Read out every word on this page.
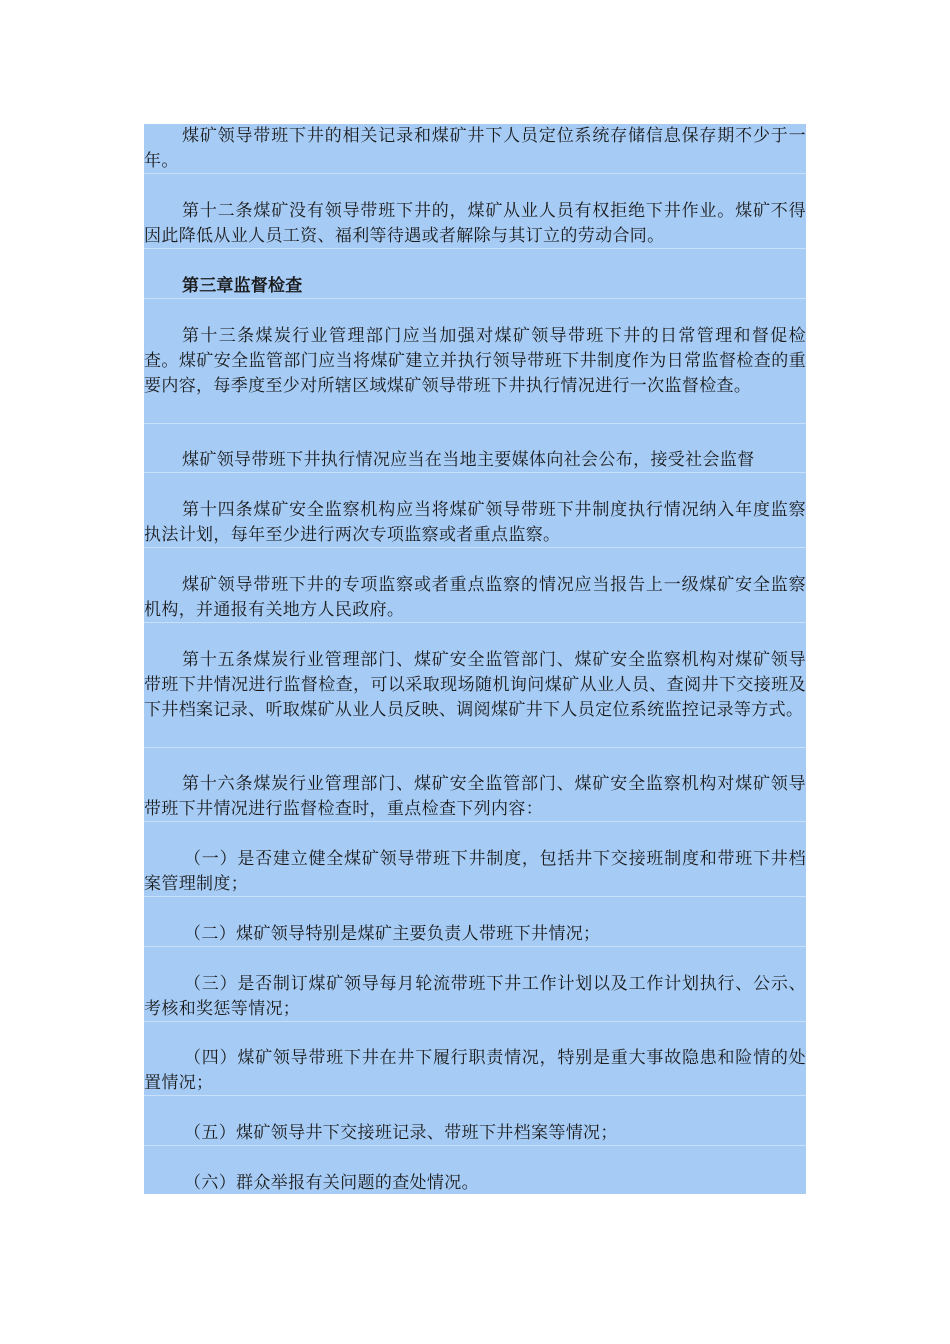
煤矿领导带班下井的相关记录和煤矿井下人员定位系统存储信息保存期不少于一年。

第十二条煤矿没有领导带班下井的，煤矿从业人员有权拒绝下井作业。煤矿不得因此降低从业人员工资、福利等待遇或者解除与其订立的劳动合同。

第三章监督检查

第十三条煤炭行业管理部门应当加强对煤矿领导带班下井的日常管理和督促检查。煤矿安全监管部门应当将煤矿建立并执行领导带班下井制度作为日常监督检查的重要内容，每季度至少对所辖区域煤矿领导带班下井执行情况进行一次监督检查。

煤矿领导带班下井执行情况应当在当地主要媒体向社会公布，接受社会监督

第十四条煤矿安全监察机构应当将煤矿领导带班下井制度执行情况纳入年度监察执法计划，每年至少进行两次专项监察或者重点监察。

煤矿领导带班下井的专项监察或者重点监察的情况应当报告上一级煤矿安全监察机构，并通报有关地方人民政府。

第十五条煤炭行业管理部门、煤矿安全监管部门、煤矿安全监察机构对煤矿领导带班下井情况进行监督检查，可以采取现场随机询问煤矿从业人员、查阅井下交接班及下井档案记录、听取煤矿从业人员反映、调阅煤矿井下人员定位系统监控记录等方式。

第十六条煤炭行业管理部门、煤矿安全监管部门、煤矿安全监察机构对煤矿领导带班下井情况进行监督检查时，重点检查下列内容：

（一）是否建立健全煤矿领导带班下井制度，包括井下交接班制度和带班下井档案管理制度；

（二）煤矿领导特别是煤矿主要负责人带班下井情况；

（三）是否制订煤矿领导每月轮流带班下井工作计划以及工作计划执行、公示、考核和奖惩等情况；

（四）煤矿领导带班下井在井下履行职责情况，特别是重大事故隐患和险情的处置情况；

（五）煤矿领导井下交接班记录、带班下井档案等情况；

（六）群众举报有关问题的查处情况。
